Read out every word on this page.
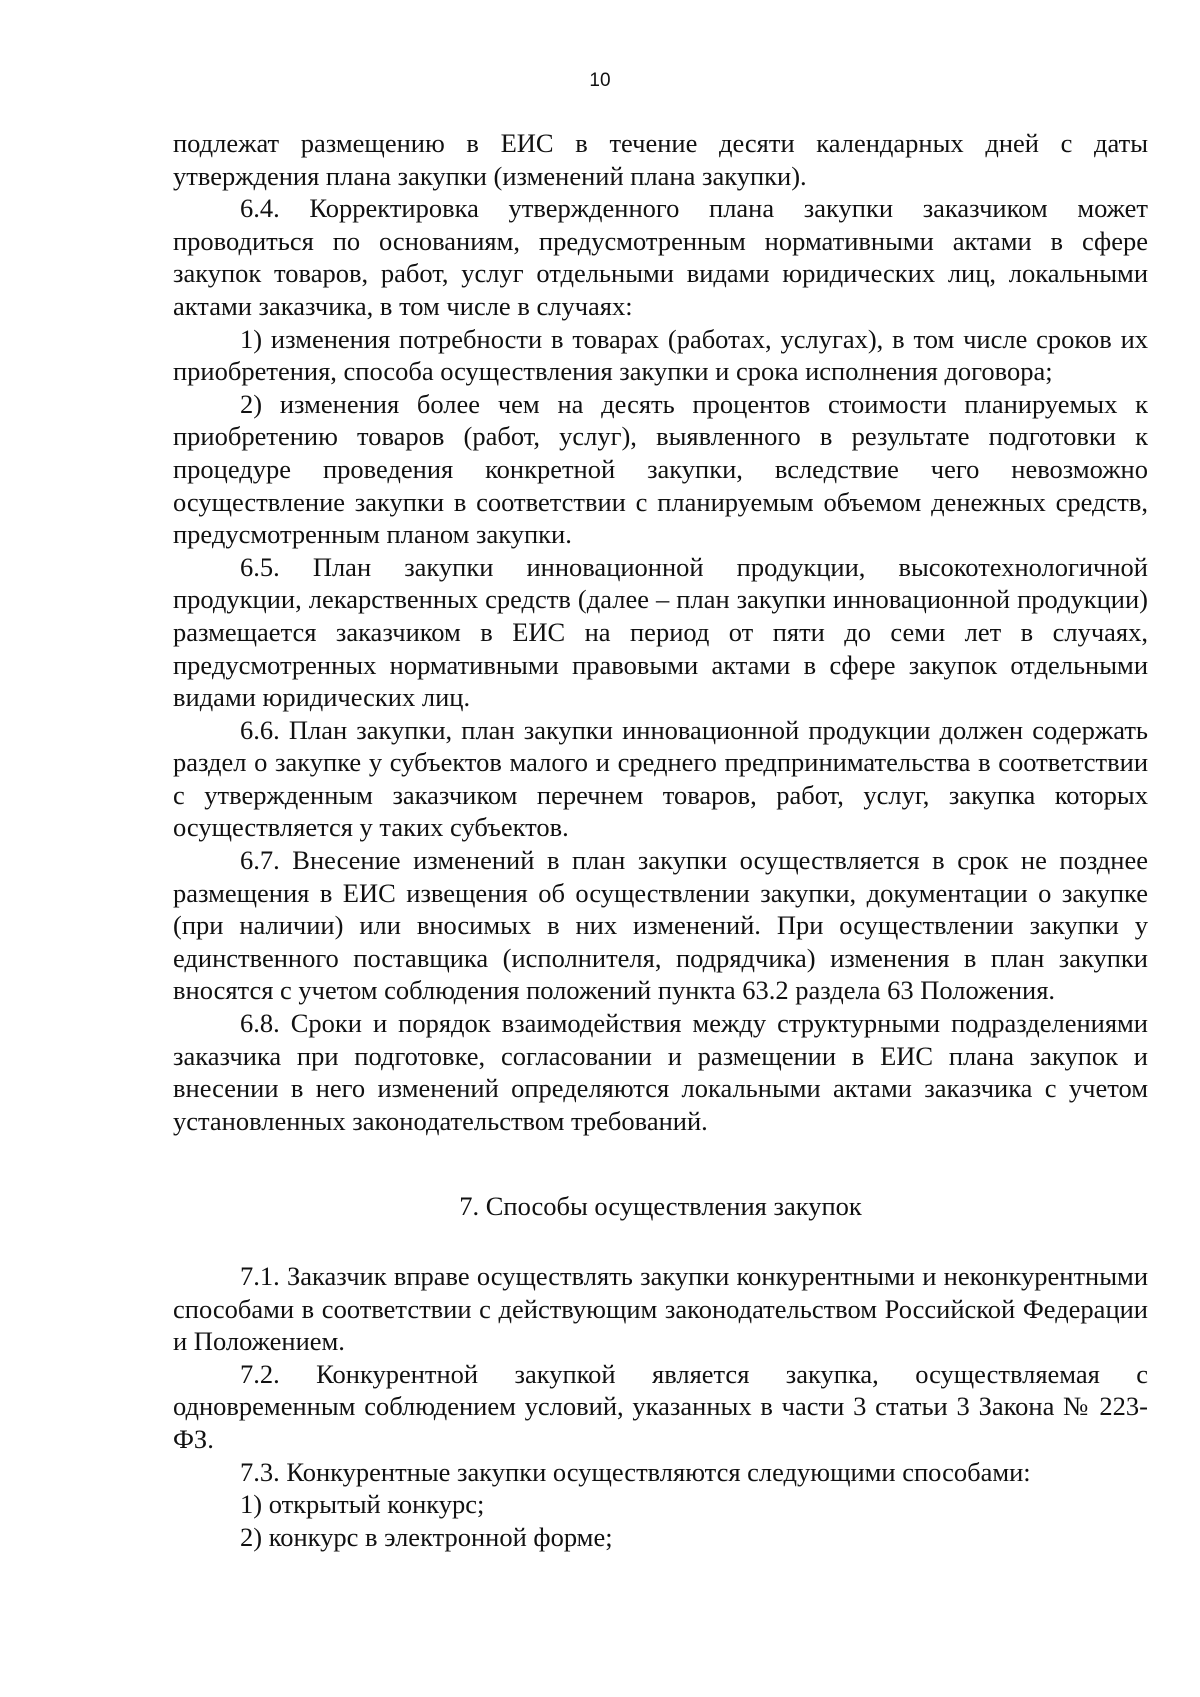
10

подлежат размещению в ЕИС в течение десяти календарных дней с даты утверждения плана закупки (изменений плана закупки).

6.4. Корректировка утвержденного плана закупки заказчиком может проводиться по основаниям, предусмотренным нормативными актами в сфере закупок товаров, работ, услуг отдельными видами юридических лиц, локальными актами заказчика, в том числе в случаях:

1) изменения потребности в товарах (работах, услугах), в том числе сроков их приобретения, способа осуществления закупки и срока исполнения договора;

2) изменения более чем на десять процентов стоимости планируемых к приобретению товаров (работ, услуг), выявленного в результате подготовки к процедуре проведения конкретной закупки, вследствие чего невозможно осуществление закупки в соответствии с планируемым объемом денежных средств, предусмотренным планом закупки.

6.5. План закупки инновационной продукции, высокотехнологичной продукции, лекарственных средств (далее – план закупки инновационной продукции) размещается заказчиком в ЕИС на период от пяти до семи лет в случаях, предусмотренных нормативными правовыми актами в сфере закупок отдельными видами юридических лиц.

6.6. План закупки, план закупки инновационной продукции должен содержать раздел о закупке у субъектов малого и среднего предпринимательства в соответствии с утвержденным заказчиком перечнем товаров, работ, услуг, закупка которых осуществляется у таких субъектов.

6.7. Внесение изменений в план закупки осуществляется в срок не позднее размещения в ЕИС извещения об осуществлении закупки, документации о закупке (при наличии) или вносимых в них изменений. При осуществлении закупки у единственного поставщика (исполнителя, подрядчика) изменения в план закупки вносятся с учетом соблюдения положений пункта 63.2 раздела 63 Положения.

6.8. Сроки и порядок взаимодействия между структурными подразделениями заказчика при подготовке, согласовании и размещении в ЕИС плана закупок и внесении в него изменений определяются локальными актами заказчика с учетом установленных законодательством требований.

7. Способы осуществления закупок

7.1. Заказчик вправе осуществлять закупки конкурентными и неконкурентными способами в соответствии с действующим законодательством Российской Федерации и Положением.

7.2. Конкурентной закупкой является закупка, осуществляемая с одновременным соблюдением условий, указанных в части 3 статьи 3 Закона № 223-ФЗ.

7.3. Конкурентные закупки осуществляются следующими способами:

1) открытый конкурс;

2) конкурс в электронной форме;
